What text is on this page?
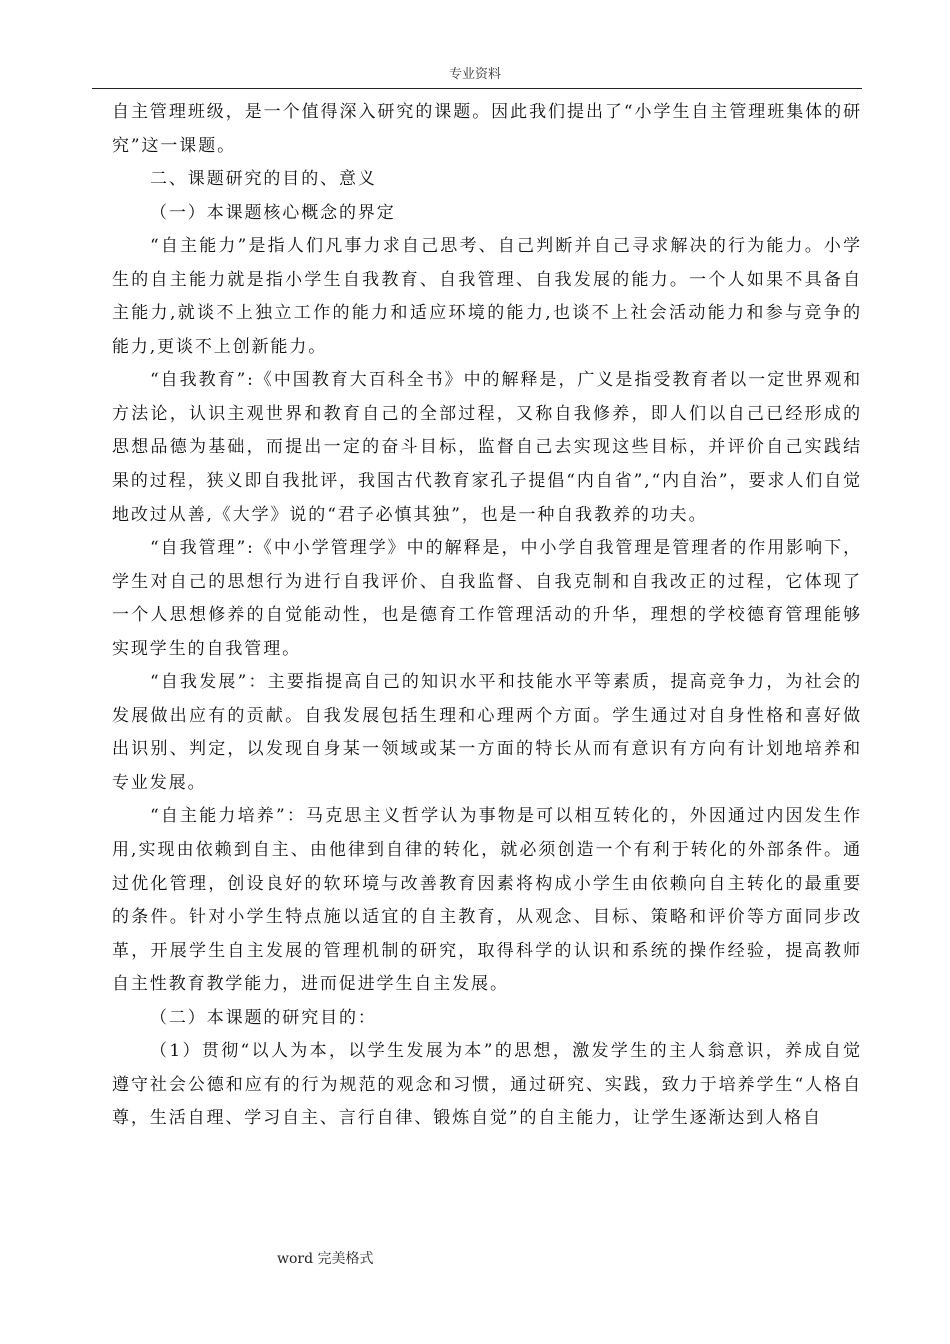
专业资料

自主管理班级，是一个值得深入研究的课题。因此我们提出了“小学生自主管理班集体的研究”这一课题。

二、课题研究的目的、意义

（一）本课题核心概念的界定

“自主能力”是指人们凡事力求自己思考、自己判断并自己寻求解决的行为能力。小学生的自主能力就是指小学生自我教育、自我管理、自我发展的能力。一个人如果不具备自主能力,就谈不上独立工作的能力和适应环境的能力,也谈不上社会活动能力和参与竞争的能力,更谈不上创新能力。

“自我教育”:《中国教育大百科全书》中的解释是，广义是指受教育者以一定世界观和方法论，认识主观世界和教育自己的全部过程，又称自我修养，即人们以自己已经形成的思想品德为基础，而提出一定的奋斗目标，监督自己去实现这些目标，并评价自己实践结果的过程，狭义即自我批评，我国古代教育家孔子提倡“内自省”,“内自治”，要求人们自觉地改过从善,《大学》说的“君子必慎其独”，也是一种自我教养的功夫。

“自我管理”:《中小学管理学》中的解释是，中小学自我管理是管理者的作用影响下，学生对自己的思想行为进行自我评价、自我监督、自我克制和自我改正的过程，它体现了一个人思想修养的自觉能动性，也是德育工作管理活动的升华，理想的学校德育管理能够实现学生的自我管理。

“自我发展”：主要指提高自己的知识水平和技能水平等素质，提高竞争力，为社会的发展做出应有的贡献。自我发展包括生理和心理两个方面。学生通过对自身性格和喜好做出识别、判定，以发现自身某一领域或某一方面的特长从而有意识有方向有计划地培养和专业发展。

“自主能力培养”：马克思主义哲学认为事物是可以相互转化的，外因通过内因发生作用,实现由依赖到自主、由他律到自律的转化，就必须创造一个有利于转化的外部条件。通过优化管理，创设良好的软环境与改善教育因素将构成小学生由依赖向自主转化的最重要的条件。针对小学生特点施以适宜的自主教育，从观念、目标、策略和评价等方面同步改革，开展学生自主发展的管理机制的研究，取得科学的认识和系统的操作经验，提高教师自主性教育教学能力，进而促进学生自主发展。

（二）本课题的研究目的：

（1）贯彻“以人为本，以学生发展为本”的思想，激发学生的主人翁意识，养成自觉遵守社会公德和应有的行为规范的观念和习惯，通过研究、实践，致力于培养学生“人格自尊，生活自理、学习自主、言行自律、锻炼自觉”的自主能力，让学生逐渐达到人格自

word 完美格式
